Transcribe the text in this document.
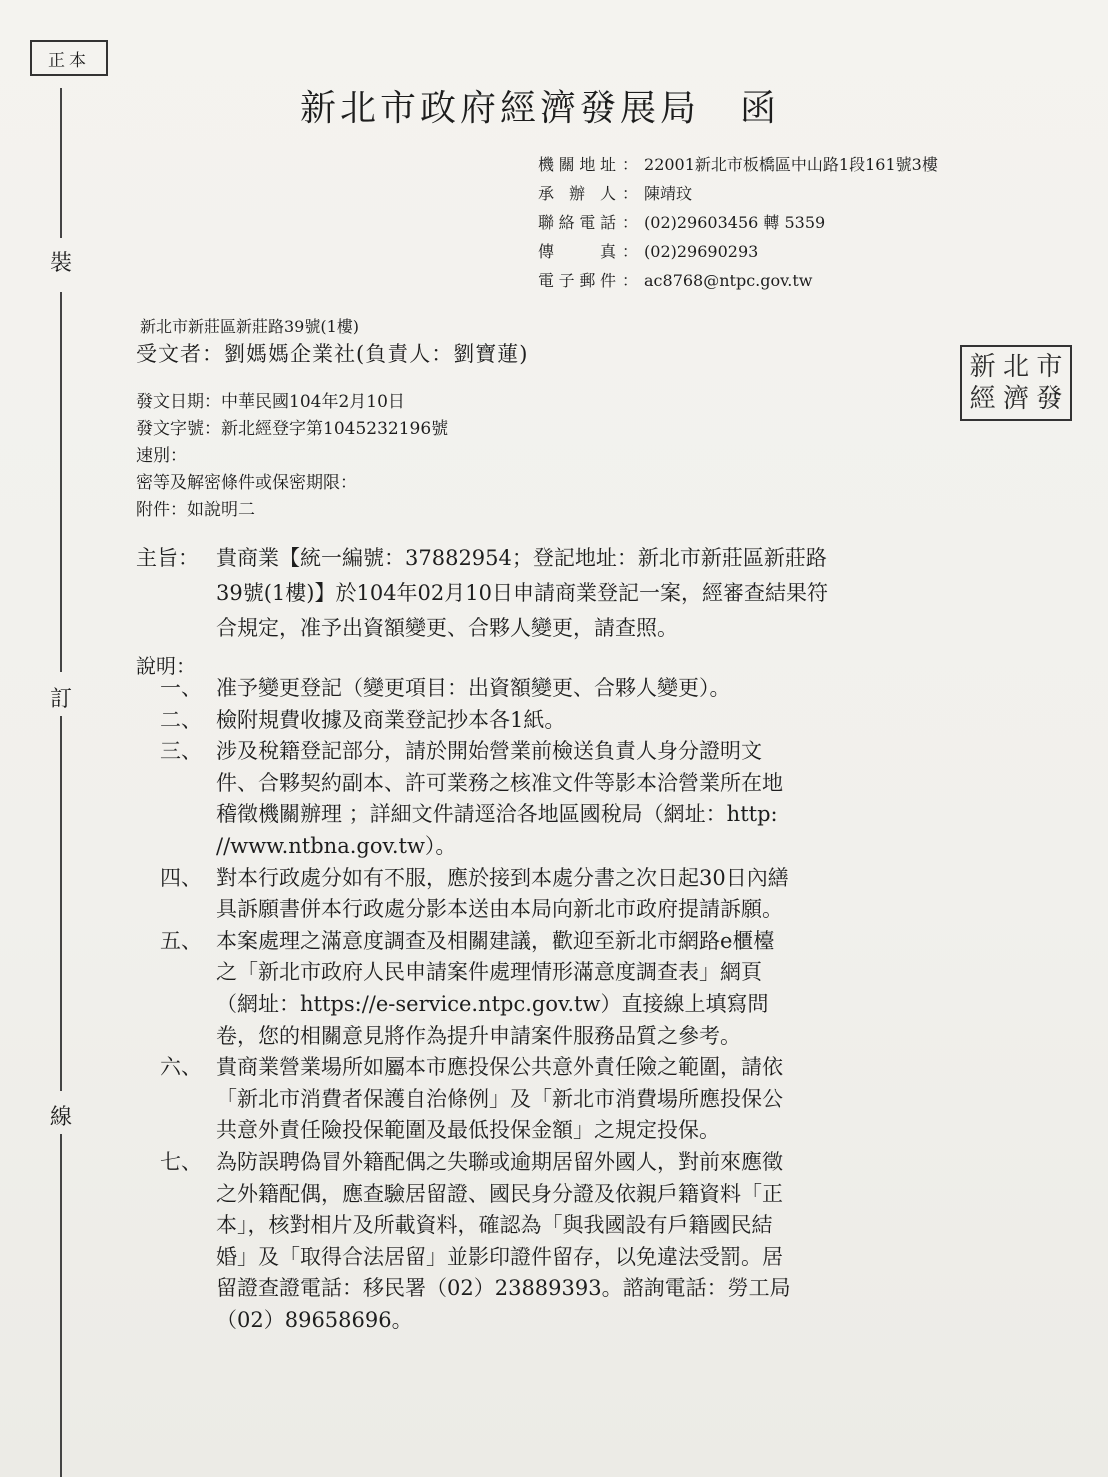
正本
裝
訂
線
新北市政府經濟發展局　函
機關地址 ： 22001新北市板橋區中山路1段161號3樓
承辦人 ： 陳靖玟
聯絡電話 ： (02)29603456 轉 5359
傳真 ： (02)29690293
電子郵件 ： ac8768@ntpc.gov.tw
新北市新莊區新莊路39號(1樓)
受文者：劉媽媽企業社(負責人：劉寶蓮)	新 北 市
經 濟 發
發文日期：中華民國104年2月10日
發文字號：新北經登字第1045232196號
速別：
密等及解密條件或保密期限：
附件：如說明二
主旨： 貴商業【統一編號：37882954；登記地址：新北市新莊區新莊路
39號(1樓)】於104年02月10日申請商業登記一案，經審查結果符
合規定，准予出資額變更、合夥人變更，請查照。
說明：
一、 准予變更登記（變更項目：出資額變更、合夥人變更）。
二、 檢附規費收據及商業登記抄本各1紙。
三、 涉及稅籍登記部分，請於開始營業前檢送負責人身分證明文
件、合夥契約副本、許可業務之核准文件等影本洽營業所在地
稽徵機關辦理 ；詳細文件請逕洽各地區國稅局（網址：http:
//www.ntbna.gov.tw）。
四、 對本行政處分如有不服，應於接到本處分書之次日起30日內繕
具訴願書併本行政處分影本送由本局向新北市政府提請訴願。
五、 本案處理之滿意度調查及相關建議，歡迎至新北市網路e櫃檯
之「新北市政府人民申請案件處理情形滿意度調查表」網頁
（網址：https://e-service.ntpc.gov.tw）直接線上填寫問
卷，您的相關意見將作為提升申請案件服務品質之參考。
六、 貴商業營業場所如屬本市應投保公共意外責任險之範圍，請依
「新北市消費者保護自治條例」及「新北市消費場所應投保公
共意外責任險投保範圍及最低投保金額」之規定投保。
七、 為防誤聘偽冒外籍配偶之失聯或逾期居留外國人，對前來應徵
之外籍配偶，應查驗居留證、國民身分證及依親戶籍資料「正
本」，核對相片及所載資料，確認為「與我國設有戶籍國民結
婚」及「取得合法居留」並影印證件留存，以免違法受罰。居
留證查證電話：移民署（02）23889393。諮詢電話：勞工局
（02）89658696。
